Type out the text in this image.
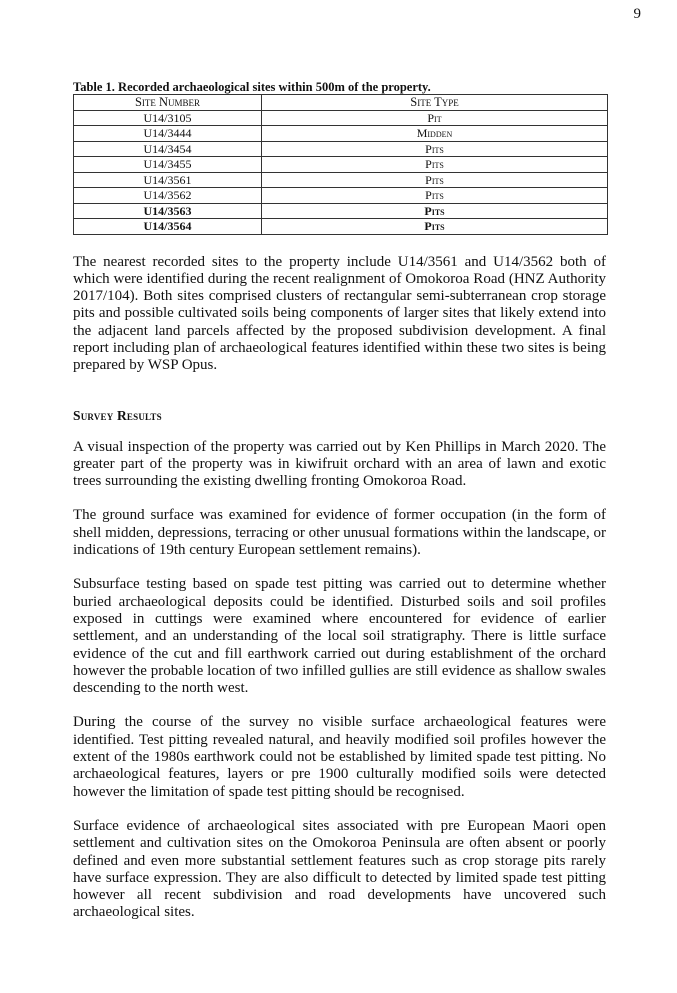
9
Table 1. Recorded archaeological sites within 500m of the property.
Site Number	Site Type
U14/3105	Pit
U14/3444	Midden
U14/3454	Pits
U14/3455	Pits
U14/3561	Pits
U14/3562	Pits
U14/3563	Pits
U14/3564	Pits

The nearest recorded sites to the property include U14/3561 and U14/3562 both of which were identified during the recent realignment of Omokoroa Road (HNZ Authority 2017/104). Both sites comprised clusters of rectangular semi-subterranean crop storage pits and possible cultivated soils being components of larger sites that likely extend into the adjacent land parcels affected by the proposed subdivision development. A final report including plan of archaeological features identified within these two sites is being prepared by WSP Opus.

Survey Results

A visual inspection of the property was carried out by Ken Phillips in March 2020. The greater part of the property was in kiwifruit orchard with an area of lawn and exotic trees surrounding the existing dwelling fronting Omokoroa Road.

The ground surface was examined for evidence of former occupation (in the form of shell midden, depressions, terracing or other unusual formations within the landscape, or indications of 19th century European settlement remains).

Subsurface testing based on spade test pitting was carried out to determine whether buried archaeological deposits could be identified. Disturbed soils and soil profiles exposed in cuttings were examined where encountered for evidence of earlier settlement, and an understanding of the local soil stratigraphy. There is little surface evidence of the cut and fill earthwork carried out during establishment of the orchard however the probable location of two infilled gullies are still evidence as shallow swales descending to the north west.

During the course of the survey no visible surface archaeological features were identified. Test pitting revealed natural, and heavily modified soil profiles however the extent of the 1980s earthwork could not be established by limited spade test pitting. No archaeological features, layers or pre 1900 culturally modified soils were detected however the limitation of spade test pitting should be recognised.

Surface evidence of archaeological sites associated with pre European Maori open settlement and cultivation sites on the Omokoroa Peninsula are often absent or poorly defined and even more substantial settlement features such as crop storage pits rarely have surface expression. They are also difficult to detected by limited spade test pitting however all recent subdivision and road developments have uncovered such archaeological sites.
